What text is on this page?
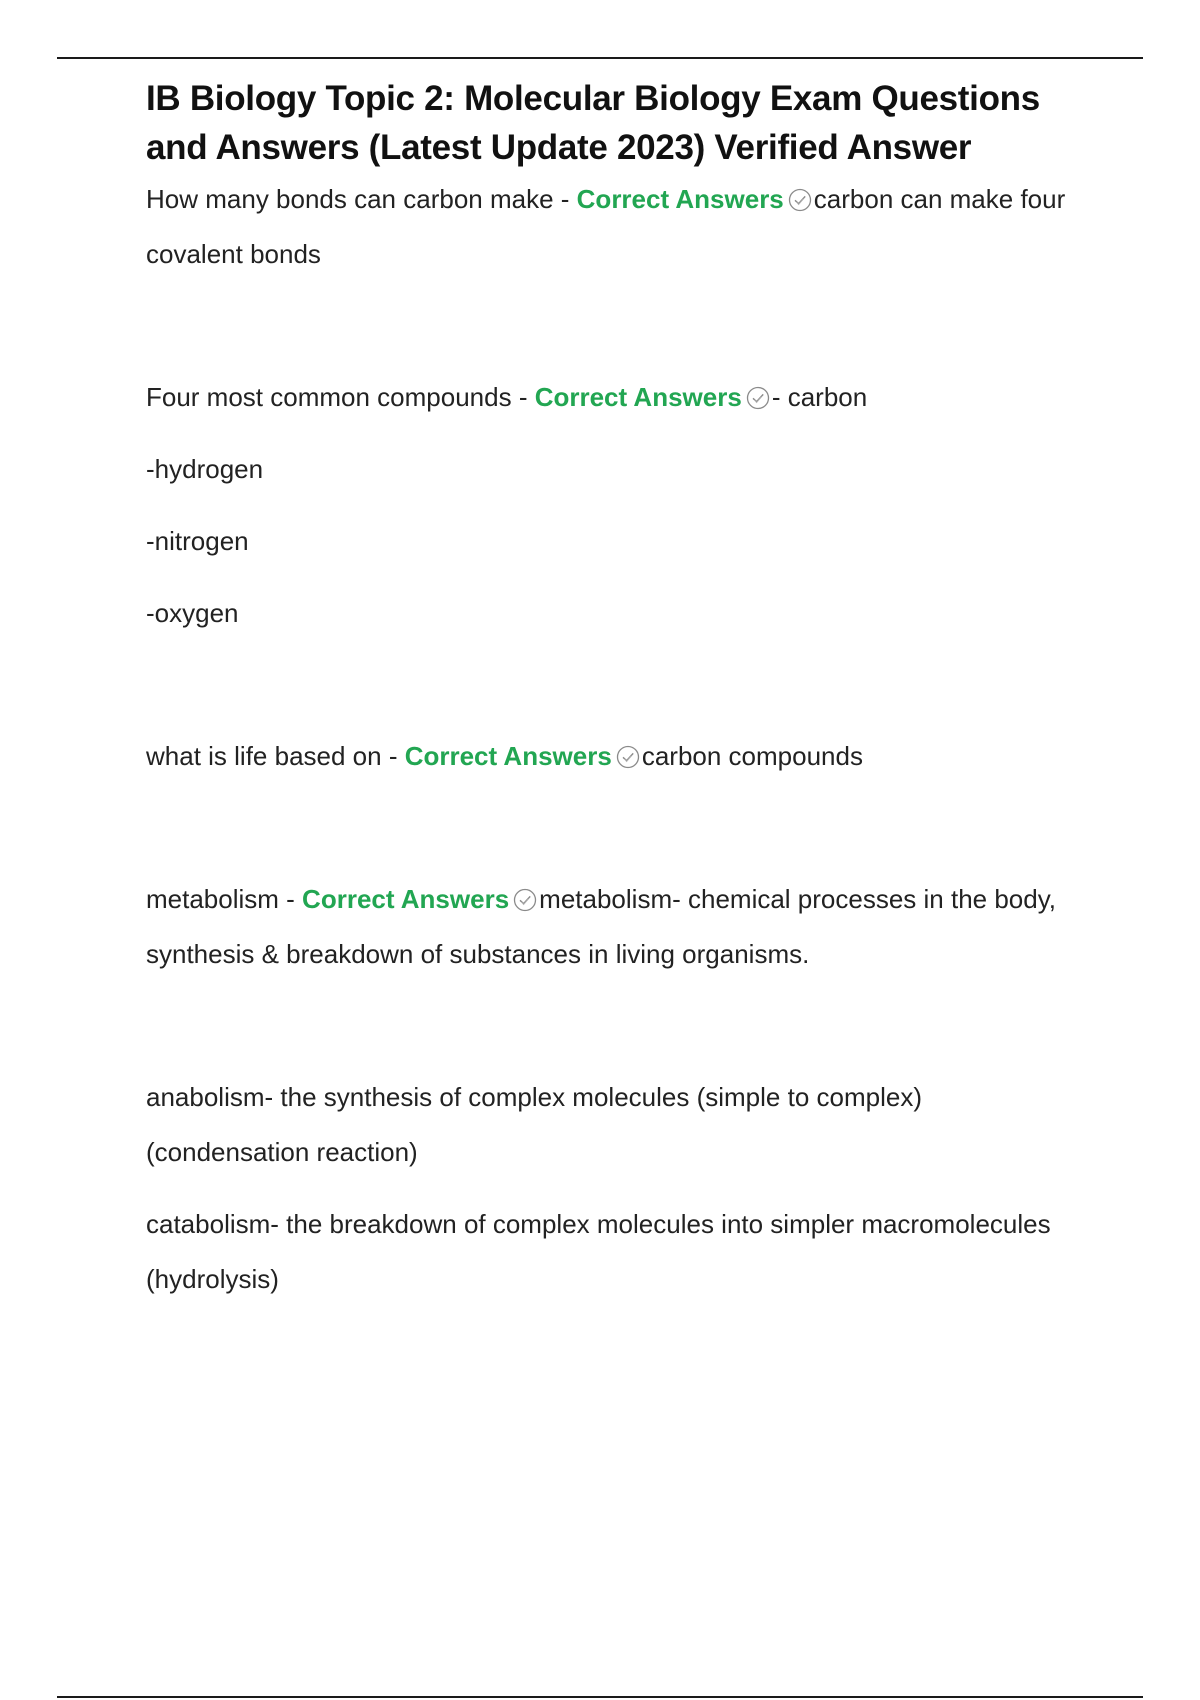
IB Biology Topic 2: Molecular Biology Exam Questions and Answers (Latest Update 2023) Verified Answer

How many bonds can carbon make - Correct Answers carbon can make four covalent bonds

Four most common compounds - Correct Answers - carbon

-hydrogen

-nitrogen

-oxygen

what is life based on - Correct Answers carbon compounds

metabolism - Correct Answers metabolism- chemical processes in the body, synthesis & breakdown of substances in living organisms.

anabolism- the synthesis of complex molecules (simple to complex) (condensation reaction)

catabolism- the breakdown of complex molecules into simpler macromolecules (hydrolysis)
